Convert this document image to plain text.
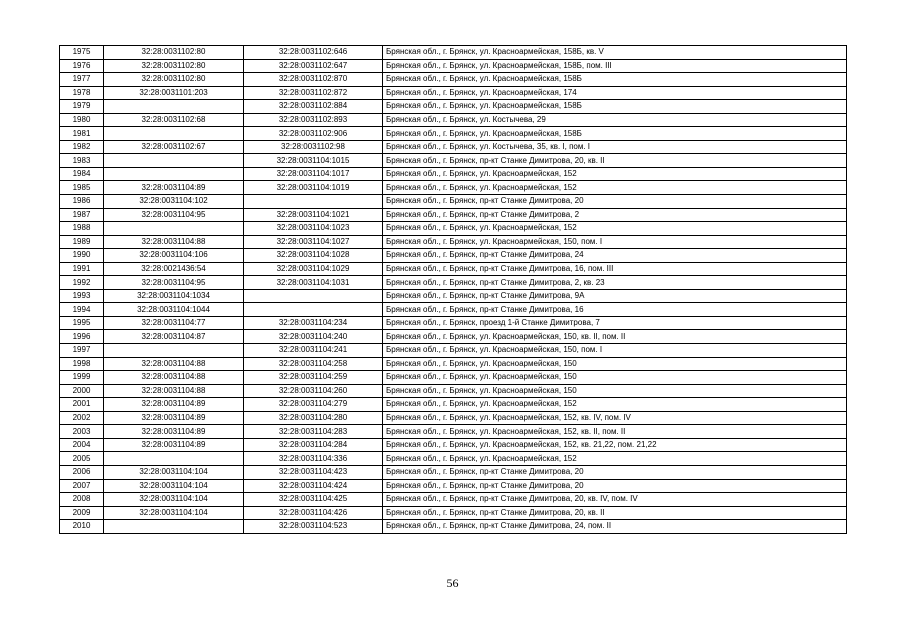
1975	32:28:0031102:80	32:28:0031102:646	Брянская обл., г. Брянск, ул. Красноармейская, 158Б, кв. V
1976	32:28:0031102:80	32:28:0031102:647	Брянская обл., г. Брянск, ул. Красноармейская, 158Б, пом. III
1977	32:28:0031102:80	32:28:0031102:870	Брянская обл., г. Брянск, ул. Красноармейская, 158Б
1978	32:28:0031101:203	32:28:0031102:872	Брянская обл., г. Брянск, ул. Красноармейская, 174
1979		32:28:0031102:884	Брянская обл., г. Брянск, ул. Красноармейская, 158Б
1980	32:28:0031102:68	32:28:0031102:893	Брянская обл., г. Брянск, ул. Костычева, 29
1981		32:28:0031102:906	Брянская обл., г. Брянск, ул. Красноармейская, 158Б
1982	32:28:0031102:67	32:28:0031102:98	Брянская обл., г. Брянск, ул. Костычева, 35, кв. I, пом. I
1983		32:28:0031104:1015	Брянская обл., г. Брянск, пр-кт Станке Димитрова, 20, кв. II
1984		32:28:0031104:1017	Брянская обл., г. Брянск, ул. Красноармейская, 152
1985	32:28:0031104:89	32:28:0031104:1019	Брянская обл., г. Брянск, ул. Красноармейская, 152
1986	32:28:0031104:102		Брянская обл., г. Брянск, пр-кт Станке Димитрова, 20
1987	32:28:0031104:95	32:28:0031104:1021	Брянская обл., г. Брянск, пр-кт Станке Димитрова, 2
1988		32:28:0031104:1023	Брянская обл., г. Брянск, ул. Красноармейская, 152
1989	32:28:0031104:88	32:28:0031104:1027	Брянская обл., г. Брянск, ул. Красноармейская, 150, пом. I
1990	32:28:0031104:106	32:28:0031104:1028	Брянская обл., г. Брянск, пр-кт Станке Димитрова, 24
1991	32:28:0021436:54	32:28:0031104:1029	Брянская обл., г. Брянск, пр-кт Станке Димитрова, 16, пом. III
1992	32:28:0031104:95	32:28:0031104:1031	Брянская обл., г. Брянск, пр-кт Станке Димитрова, 2, кв. 23
1993	32:28:0031104:1034		Брянская обл., г. Брянск, пр-кт Станке Димитрова, 9А
1994	32:28:0031104:1044		Брянская обл., г. Брянск, пр-кт Станке Димитрова, 16
1995	32:28:0031104:77	32:28:0031104:234	Брянская обл., г. Брянск, проезд 1-й Станке Димитрова, 7
1996	32:28:0031104:87	32:28:0031104:240	Брянская обл., г. Брянск, ул. Красноармейская, 150, кв. II, пом. II
1997		32:28:0031104:241	Брянская обл., г. Брянск, ул. Красноармейская, 150, пом. I
1998	32:28:0031104:88	32:28:0031104:258	Брянская обл., г. Брянск, ул. Красноармейская, 150
1999	32:28:0031104:88	32:28:0031104:259	Брянская обл., г. Брянск, ул. Красноармейская, 150
2000	32:28:0031104:88	32:28:0031104:260	Брянская обл., г. Брянск, ул. Красноармейская, 150
2001	32:28:0031104:89	32:28:0031104:279	Брянская обл., г. Брянск, ул. Красноармейская, 152
2002	32:28:0031104:89	32:28:0031104:280	Брянская обл., г. Брянск, ул. Красноармейская, 152, кв. IV, пом. IV
2003	32:28:0031104:89	32:28:0031104:283	Брянская обл., г. Брянск, ул. Красноармейская, 152, кв. II, пом. II
2004	32:28:0031104:89	32:28:0031104:284	Брянская обл., г. Брянск, ул. Красноармейская, 152, кв. 21,22, пом. 21,22
2005		32:28:0031104:336	Брянская обл., г. Брянск, ул. Красноармейская, 152
2006	32:28:0031104:104	32:28:0031104:423	Брянская обл., г. Брянск, пр-кт Станке Димитрова, 20
2007	32:28:0031104:104	32:28:0031104:424	Брянская обл., г. Брянск, пр-кт Станке Димитрова, 20
2008	32:28:0031104:104	32:28:0031104:425	Брянская обл., г. Брянск, пр-кт Станке Димитрова, 20, кв. IV, пом. IV
2009	32:28:0031104:104	32:28:0031104:426	Брянская обл., г. Брянск, пр-кт Станке Димитрова, 20, кв. II
2010		32:28:0031104:523	Брянская обл., г. Брянск, пр-кт Станке Димитрова, 24, пом. II
56
